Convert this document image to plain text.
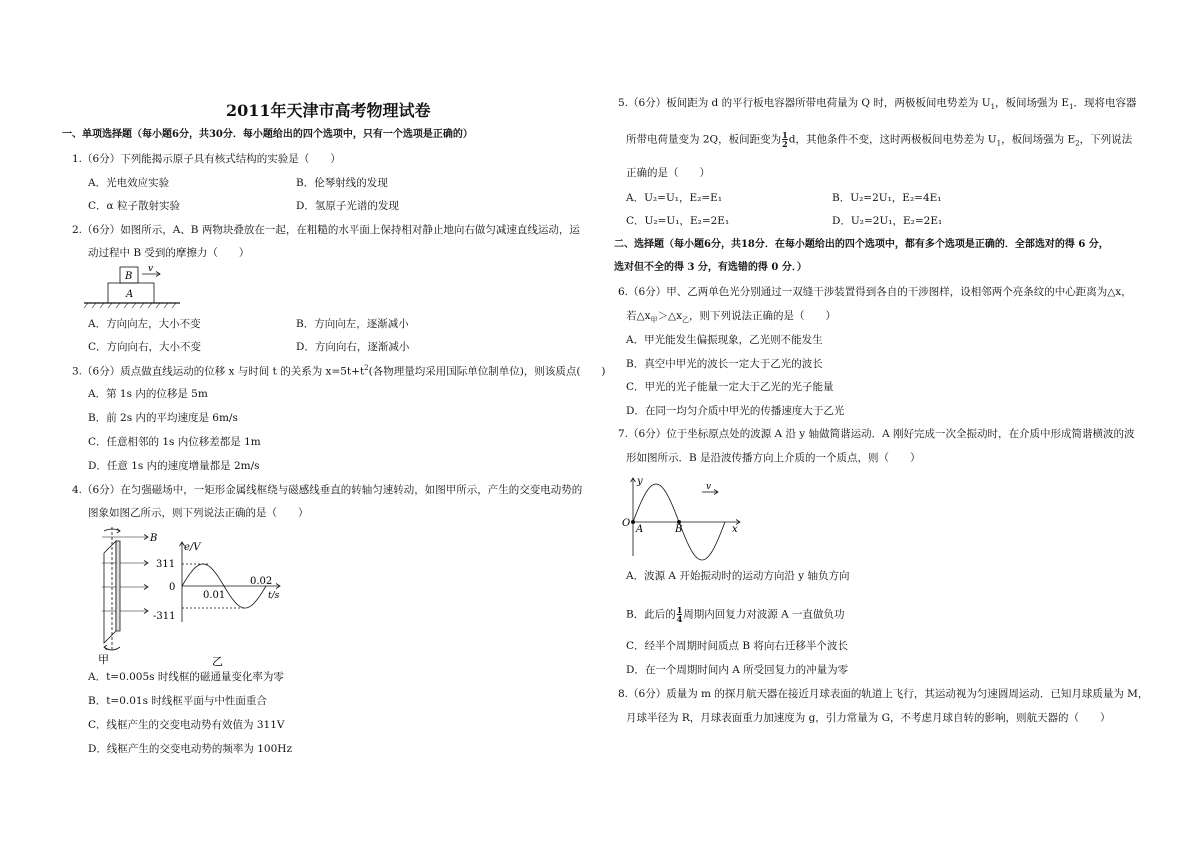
2011年天津市高考物理试卷
一、单项选择题（每小题6分，共30分．每小题给出的四个选项中，只有一个选项是正确的）
1.（6分）下列能揭示原子具有核式结构的实验是（　　）
A．光电效应实验	B．伦琴射线的发现
C．α 粒子散射实验	D．氢原子光谱的发现
2.（6分）如图所示，A、B 两物块叠放在一起，在粗糙的水平面上保持相对静止地向右做匀减速直线运动，运
动过程中 B 受到的摩擦力（　　）
B
A
v
A．方向向左，大小不变	B．方向向左，逐渐减小
C．方向向右，大小不变	D．方向向右，逐渐减小
3.（6分）质点做直线运动的位移 x 与时间 t 的关系为 $x=5t+t^2$(各物理量均采用国际单位制单位)，则该质点(　　)
A．第 1s 内的位移是 5m
B．前 2s 内的平均速度是 6m/s
C．任意相邻的 1s 内位移差都是 1m
D．任意 1s 内的速度增量都是 2m/s
4.（6分）在匀强磁场中，一矩形金属线框绕与磁感线垂直的转轴匀速转动，如图甲所示，产生的交变电动势的
图象如图乙所示，则下列说法正确的是（　　）
B
甲
e/V
311
0
-311
0.01
0.02
t/s
乙
A．t=0.005s 时线框的磁通量变化率为零
B．t=0.01s 时线框平面与中性面重合
C．线框产生的交变电动势有效值为 311V
D．线框产生的交变电动势的频率为 100Hz
5.（6分）板间距为 d 的平行板电容器所带电荷量为 Q 时，两极板间电势差为 $U_1$，板间场强为 $E_1$．现将电容器
所带电荷量变为 2Q，板间距变为 $\frac{1}{2}$ d，其他条件不变，这时两极板间电势差为 $U_1$，板间场强为 $E_2$，下列说法
正确的是（　　）
A．U₂=U₁，E₂=E₁	B．U₂=2U₁，E₂=4E₁
C．U₂=U₁，E₂=2E₁	D．U₂=2U₁，E₂=2E₁
二、选择题（每小题6分，共18分．在每小题给出的四个选项中，都有多个选项是正确的．全部选对的得 6 分，
选对但不全的得 3 分，有选错的得 0 分．）
6.（6分）甲、乙两单色光分别通过一双缝干涉装置得到各自的干涉图样，设相邻两个亮条纹的中心距离为△x，
若$\triangle x_甲>\triangle x_乙$，则下列说法正确的是（　　）
A．甲光能发生偏振现象，乙光则不能发生
B．真空中甲光的波长一定大于乙光的波长
C．甲光的光子能量一定大于乙光的光子能量
D．在同一均匀介质中甲光的传播速度大于乙光
7.（6分）位于坐标原点处的波源 A 沿 y 轴做简谐运动．A 刚好完成一次全振动时，在介质中形成简谐横波的波
形如图所示．B 是沿波传播方向上介质的一个质点，则（　　）
y
O
A	B	x
v
A．波源 A 开始振动时的运动方向沿 y 轴负方向
B．此后的 $\frac{1}{4}$ 周期内回复力对波源 A 一直做负功
C．经半个周期时间质点 B 将向右迁移半个波长
D．在一个周期时间内 A 所受回复力的冲量为零
8.（6分）质量为 m 的探月航天器在接近月球表面的轨道上飞行，其运动视为匀速圆周运动．已知月球质量为 M，
月球半径为 R，月球表面重力加速度为 g，引力常量为 G，不考虑月球自转的影响，则航天器的（　　）
